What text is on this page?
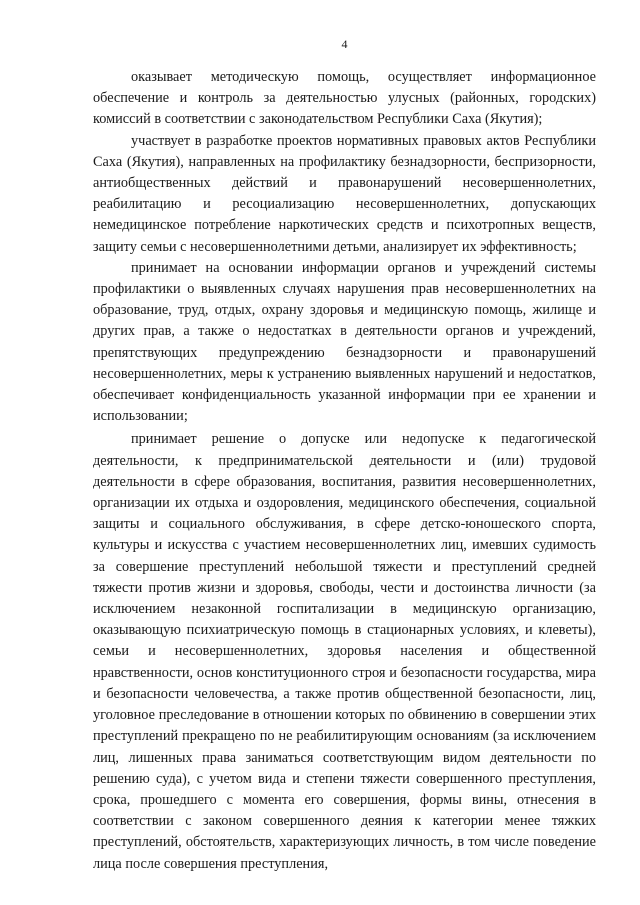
4

оказывает методическую помощь, осуществляет информационное обеспечение и контроль за деятельностью улусных (районных, городских) комиссий в соответствии с законодательством Республики Саха (Якутия);

участвует в разработке проектов нормативных правовых актов Республики Саха (Якутия), направленных на профилактику безнадзорности, беспризорности, антиобщественных действий и правонарушений несовершеннолетних, реабилитацию и ресоциализацию несовершеннолетних, допускающих немедицинское потребление наркотических средств и психотропных веществ, защиту семьи с несовершеннолетними детьми, анализирует их эффективность;

принимает на основании информации органов и учреждений системы профилактики о выявленных случаях нарушения прав несовершеннолетних на образование, труд, отдых, охрану здоровья и медицинскую помощь, жилище и других прав, а также о недостатках в деятельности органов и учреждений, препятствующих предупреждению безнадзорности и правонарушений несовершеннолетних, меры к устранению выявленных нарушений и недостатков, обеспечивает конфиденциальность указанной информации при ее хранении и использовании;

принимает решение о допуске или недопуске к педагогической деятельности, к предпринимательской деятельности и (или) трудовой деятельности в сфере образования, воспитания, развития несовершеннолетних, организации их отдыха и оздоровления, медицинского обеспечения, социальной защиты и социального обслуживания, в сфере детско-юношеского спорта, культуры и искусства с участием несовершеннолетних лиц, имевших судимость за совершение преступлений небольшой тяжести и преступлений средней тяжести против жизни и здоровья, свободы, чести и достоинства личности (за исключением незаконной госпитализации в медицинскую организацию, оказывающую психиатрическую помощь в стационарных условиях, и клеветы), семьи и несовершеннолетних, здоровья населения и общественной нравственности, основ конституционного строя и безопасности государства, мира и безопасности человечества, а также против общественной безопасности, лиц, уголовное преследование в отношении которых по обвинению в совершении этих преступлений прекращено по не реабилитирующим основаниям (за исключением лиц, лишенных права заниматься соответствующим видом деятельности по решению суда), с учетом вида и степени тяжести совершенного преступления, срока, прошедшего с момента его совершения, формы вины, отнесения в соответствии с законом совершенного деяния к категории менее тяжких преступлений, обстоятельств, характеризующих личность, в том числе поведение лица после совершения преступления,
